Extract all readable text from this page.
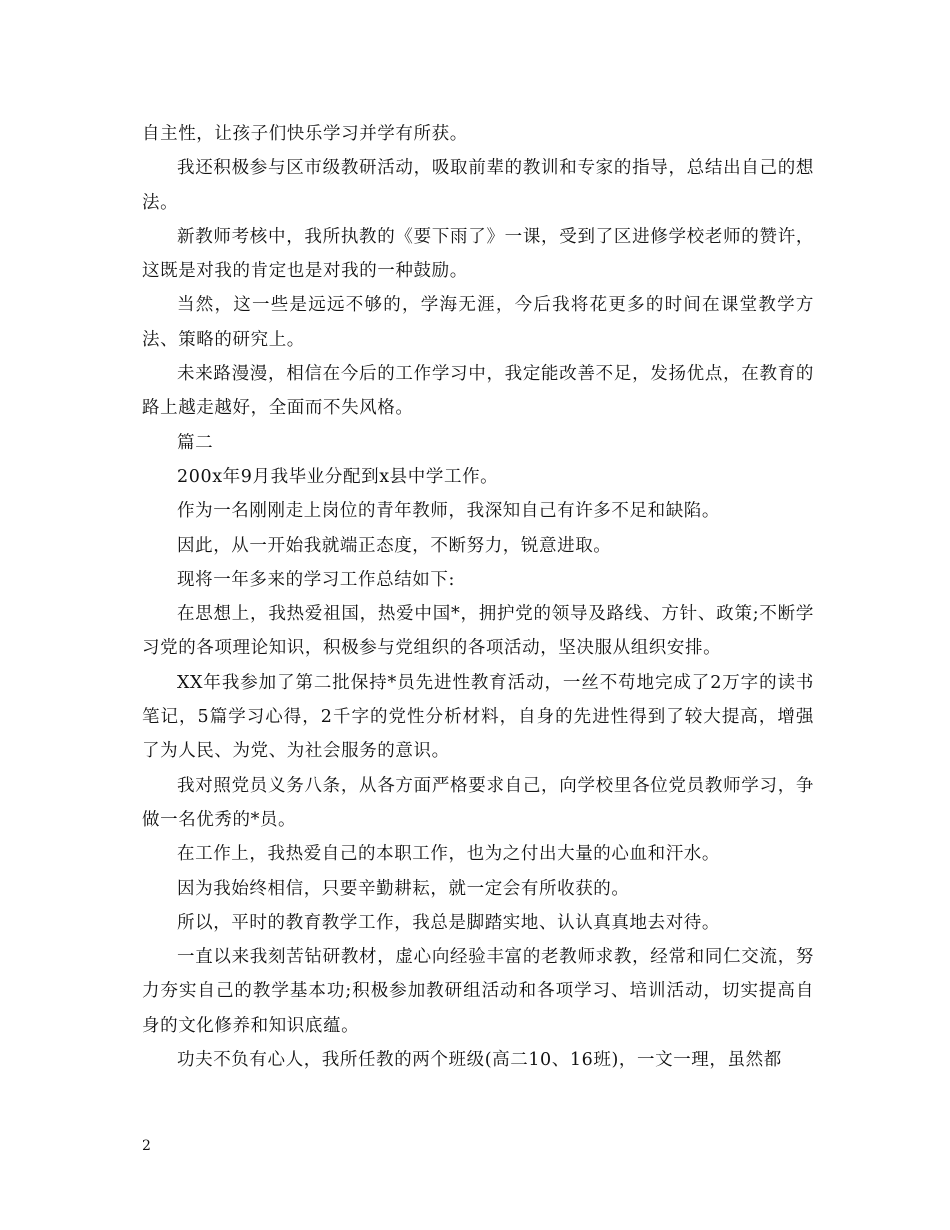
自主性，让孩子们快乐学习并学有所获。

我还积极参与区市级教研活动，吸取前辈的教训和专家的指导，总结出自己的想法。

新教师考核中，我所执教的《要下雨了》一课，受到了区进修学校老师的赞许，这既是对我的肯定也是对我的一种鼓励。

当然，这一些是远远不够的，学海无涯，今后我将花更多的时间在课堂教学方法、策略的研究上。

未来路漫漫，相信在今后的工作学习中，我定能改善不足，发扬优点，在教育的路上越走越好，全面而不失风格。

篇二

200x年9月我毕业分配到x县中学工作。

作为一名刚刚走上岗位的青年教师，我深知自己有许多不足和缺陷。

因此，从一开始我就端正态度，不断努力，锐意进取。

现将一年多来的学习工作总结如下:

在思想上，我热爱祖国，热爱中国*，拥护党的领导及路线、方针、政策;不断学习党的各项理论知识，积极参与党组织的各项活动，坚决服从组织安排。

XX年我参加了第二批保持*员先进性教育活动，一丝不苟地完成了2万字的读书笔记，5篇学习心得，2千字的党性分析材料，自身的先进性得到了较大提高，增强了为人民、为党、为社会服务的意识。

我对照党员义务八条，从各方面严格要求自己，向学校里各位党员教师学习，争做一名优秀的*员。

在工作上，我热爱自己的本职工作，也为之付出大量的心血和汗水。

因为我始终相信，只要辛勤耕耘，就一定会有所收获的。

所以，平时的教育教学工作，我总是脚踏实地、认认真真地去对待。

一直以来我刻苦钻研教材，虚心向经验丰富的老教师求教，经常和同仁交流，努力夯实自己的教学基本功;积极参加教研组活动和各项学习、培训活动，切实提高自身的文化修养和知识底蕴。

功夫不负有心人，我所任教的两个班级(高二10、16班)，一文一理，虽然都

2
